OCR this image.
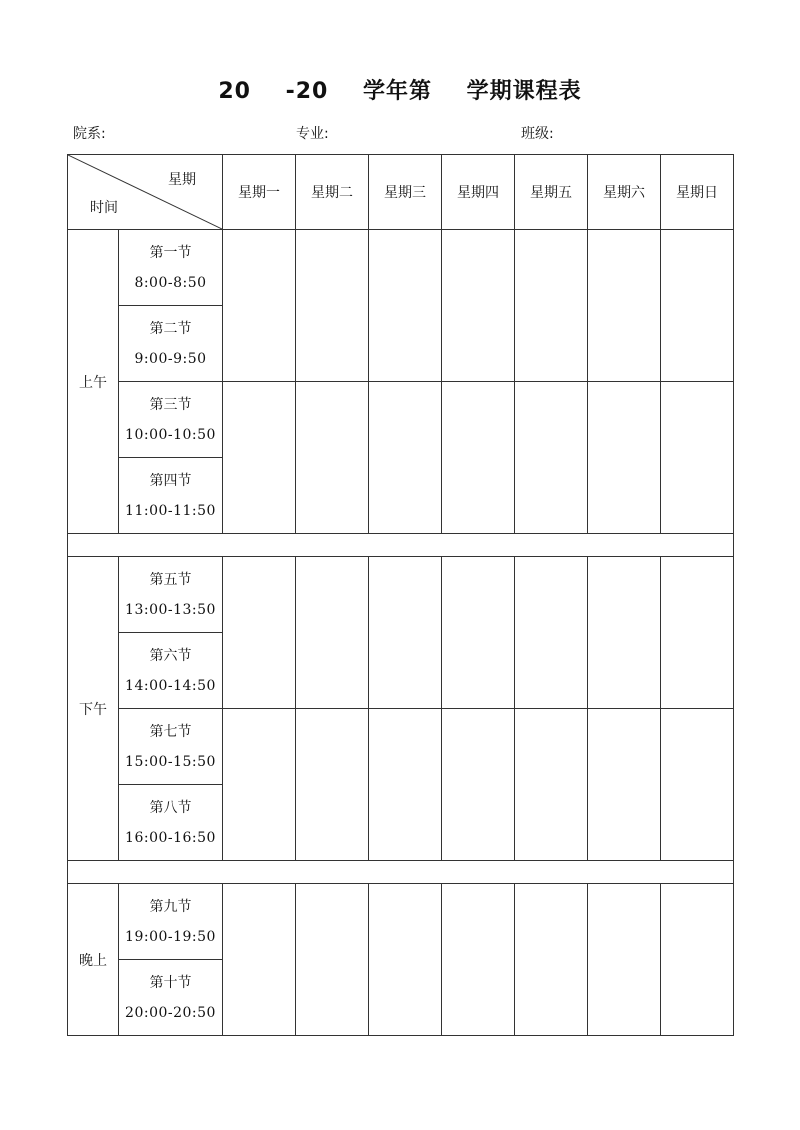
20    -20    学年第    学期课程表
院系:	专业:	班级:
星期
时间		星期一	星期二	星期三	星期四	星期五	星期六	星期日
上午	第一节
8:00-8:50							

	第二节
9:00-9:50							

	第三节
10:00-10:50							

	第四节
11:00-11:50							

下午	第五节
13:00-13:50							

	第六节
14:00-14:50							

	第七节
15:00-15:50							

	第八节
16:00-16:50							

晚上	第九节
19:00-19:50							

	第十节
20:00-20:50							
